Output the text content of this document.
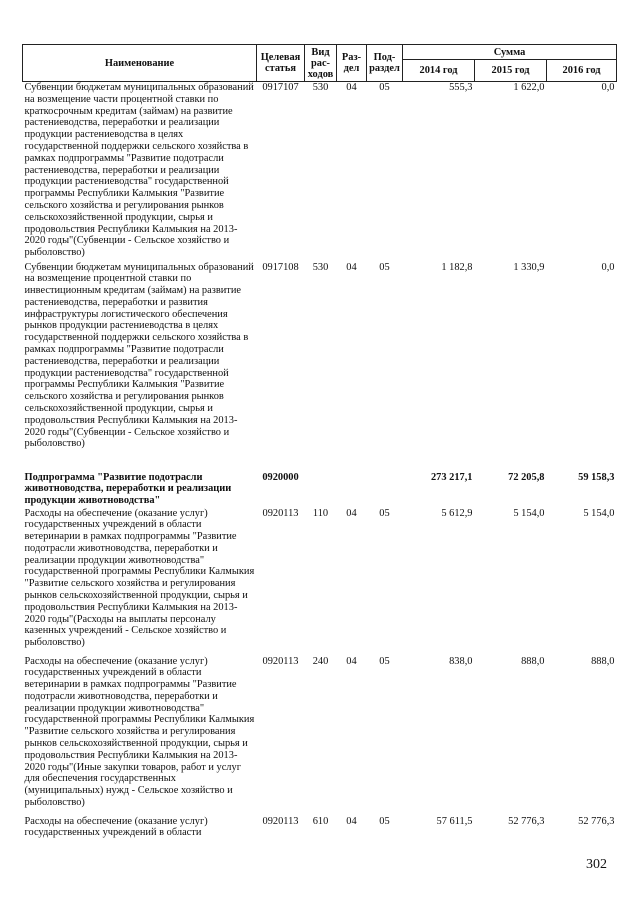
Наименование	Целевая статья	Вид рас-ходов	Раз-дел	Под-раздел	Сумма		
					2014 год	2015 год	2016 год
Субвенции бюджетам муниципальных образований на возмещение части процентной ставки по краткосрочным кредитам (займам) на развитие растениеводства, переработки и реализации продукции растениеводства в целях государственной поддержки сельского хозяйства в рамках подпрограммы "Развитие подотрасли растениеводства, переработки и реализации продукции растениеводства" государственной программы Республики Калмыкия "Развитие сельского хозяйства и регулирования рынков сельскохозяйственной продукции, сырья и продовольствия Республики Калмыкия на 2013-2020 годы"(Субвенции - Сельское хозяйство и рыболовство)	0917107	530	04	05	555,3	1 622,0	0,0
Субвенции бюджетам муниципальных образований на возмещение процентной ставки по инвестиционным кредитам (займам) на развитие растениеводства, переработки и развития инфраструктуры логистического обеспечения рынков продукции растениеводства в целях государственной поддержки сельского хозяйства в рамках подпрограммы "Развитие подотрасли растениеводства, переработки и реализации продукции растениеводства" государственной программы Республики Калмыкия "Развитие сельского хозяйства и регулирования рынков сельскохозяйственной продукции, сырья и продовольствия Республики Калмыкия на 2013-2020 годы"(Субвенции - Сельское хозяйство и рыболовство)	0917108	530	04	05	1 182,8	1 330,9	0,0
Подпрограмма "Развитие подотрасли животноводства, переработки и реализации продукции животноводства"	0920000				273 217,1	72 205,8	59 158,3
Расходы на обеспечение (оказание услуг) государственных учреждений в области ветеринарии в рамках подпрограммы "Развитие подотрасли животноводства, переработки и реализации продукции животноводства" государственной программы Республики Калмыкия "Развитие сельского хозяйства и регулирования рынков сельскохозяйственной продукции, сырья и продовольствия Республики Калмыкия на 2013-2020 годы"(Расходы на выплаты персоналу казенных учреждений - Сельское хозяйство и рыболовство)	0920113	110	04	05	5 612,9	5 154,0	5 154,0
Расходы на обеспечение (оказание услуг) государственных учреждений в области ветеринарии в рамках подпрограммы "Развитие подотрасли животноводства, переработки и реализации продукции животноводства" государственной программы Республики Калмыкия "Развитие сельского хозяйства и регулирования рынков сельскохозяйственной продукции, сырья и продовольствия Республики Калмыкия на 2013-2020 годы"(Иные закупки товаров, работ и услуг для обеспечения государственных (муниципальных) нужд - Сельское хозяйство и рыболовство)	0920113	240	04	05	838,0	888,0	888,0
Расходы на обеспечение (оказание услуг) государственных учреждений в области	0920113	610	04	05	57 611,5	52 776,3	52 776,3
302
